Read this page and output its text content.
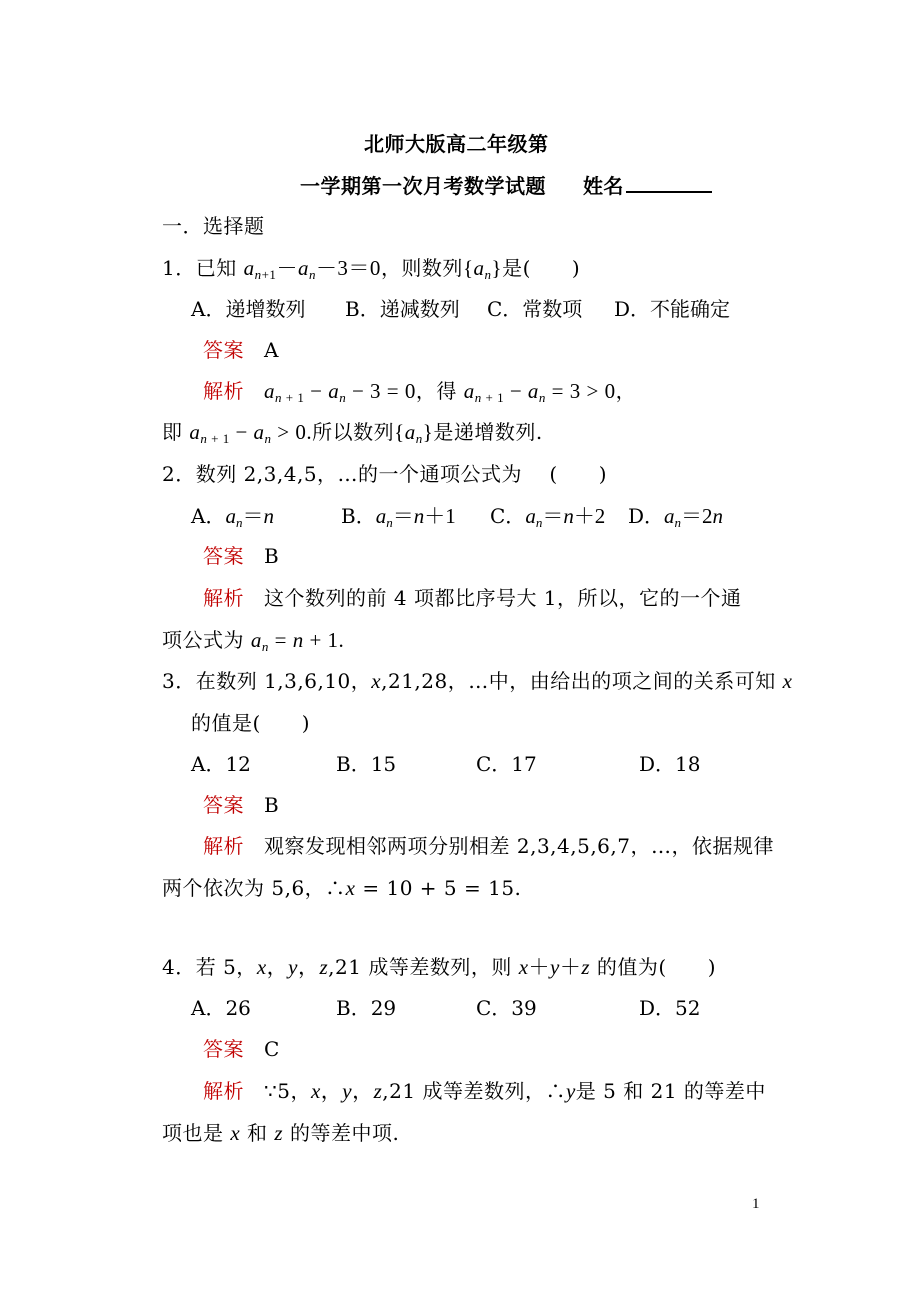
北师大版高二年级第
一学期第一次月考数学试题 姓名
一．选择题
1．已知 $a_{n+1}-a_n-3=0$，则数列$\{a_n\}$是(　　)
A．递增数列 B．递减数列 C．常数项 D．不能确定
答案 A
解析 $a_{n + 1} - a_n - 3 = 0$，得 $a_{n + 1} - a_n = 3 > 0$，
即 $a_{n + 1} - a_n > 0$.所以数列$\{a_n\}$是递增数列.
2．数列 2,3,4,5，…的一个通项公式为　 (　　)
A．$a_n=n$	B．$a_n=n+1$ C．$a_n=n+2$ D．$a_n=2n$
答案 B
解析 这个数列的前 4 项都比序号大 1，所以，它的一个通
项公式为 $a_n = n + 1$.
3．在数列 1,3,6,10，x,21,28，…中，由给出的项之间的关系可知 x
的值是(　　)
A．12	B．15	C．17	D．18
答案 B
解析 观察发现相邻两项分别相差 2,3,4,5,6,7，…，依据规律
两个依次为 5,6，∴x = 10 + 5 = 15.
4．若 5，x，y，z,21 成等差数列，则 x＋y＋z 的值为(　　)
A．26	B．29	C．39	D．52
答案 C
解析 ∵5，x，y，z,21 成等差数列，∴y是 5 和 21 的等差中
项也是 x 和 z 的等差中项.
1
